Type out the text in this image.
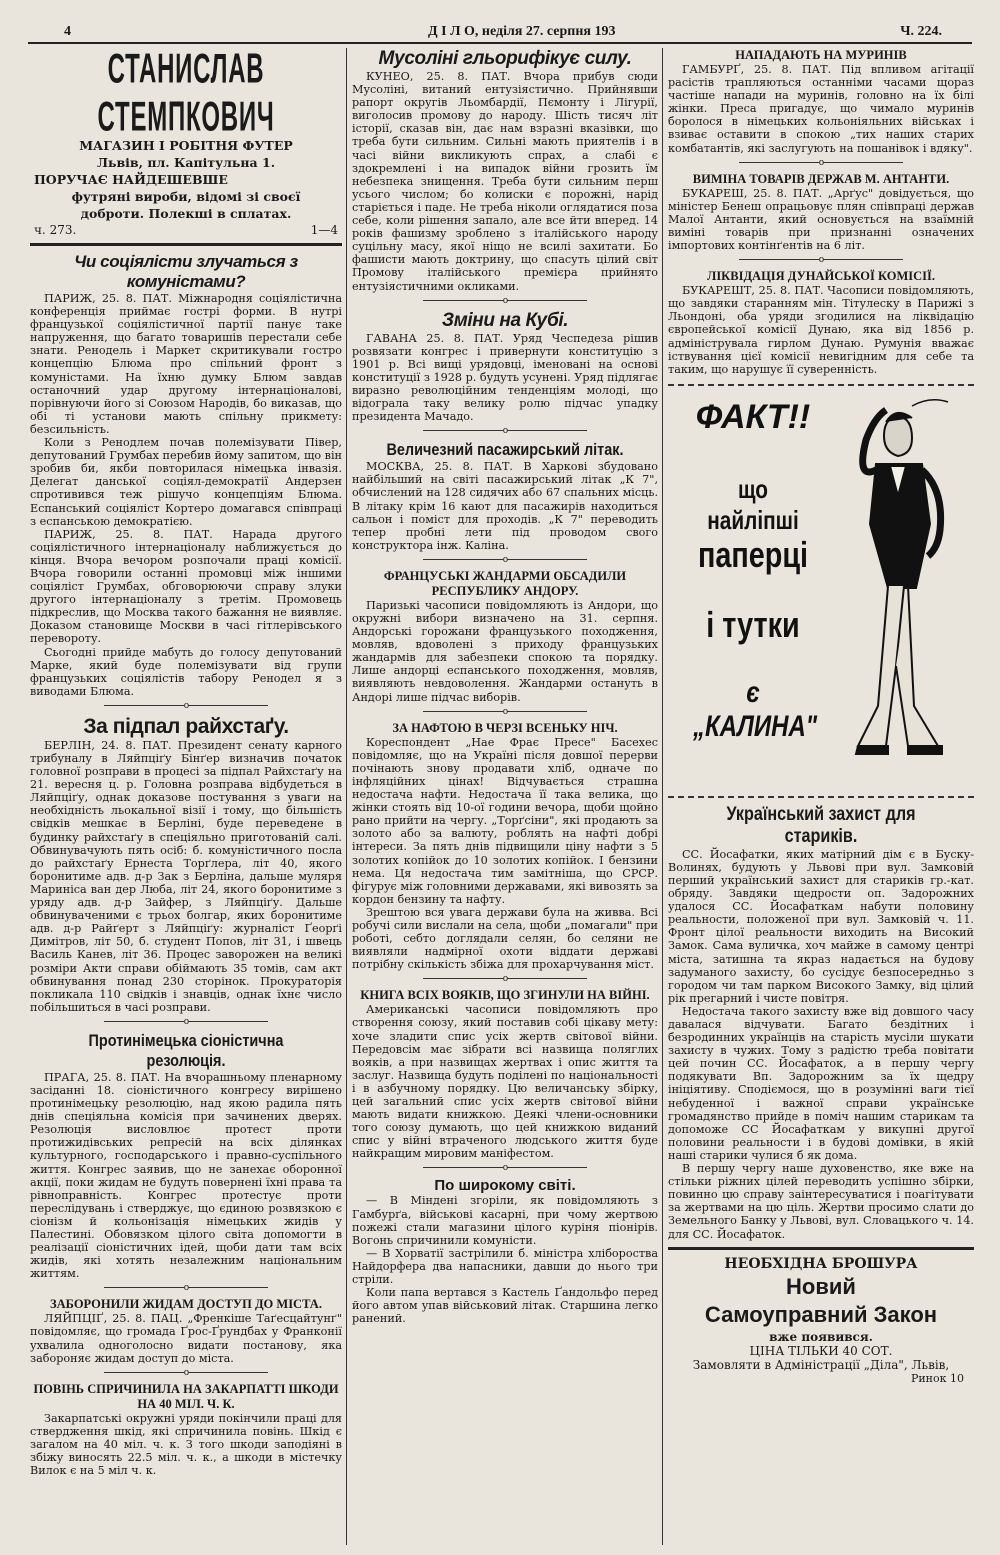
4	Д І Л О, неділя 27. серпня 193	Ч. 224.
СТАНИСЛАВ СТЕМПКОВИЧ
МАГАЗИН І РОБІТНЯ ФУТЕР
Львів, пл. Капітульна 1.
ПОРУЧАЄ НАЙДЕШЕВШЕ
футряні вироби, відомі зі своєї
доброти. Полекші в сплатах.
ч. 273.	1—4
Чи соціялісти злучаться з комуністами?

ПАРИЖ, 25. 8. ПАТ. Міжнародня соціялістична конференція приймає гострі форми. В нутрі французької соціялістичної партії панує таке напруження, що багато товаришів перестали себе знати. Ренодель і Маркет скритикували гостро концепцію Блюма про спільний фронт з комуністами. На їхню думку Блюм завдав останочний удар другому інтернаціоналові, порівнуючи його зі Союзом Народів, бо виказав, що обі ті установи мають спільну прикмету: безсильність.

Коли з Ренодлем почав полемізувати Півер, депутований Грумбах перебив йому запитом, що він зробив би, якби повторилася німецька інвазія. Делегат данської соціял-демократії Андерзен спротивився теж рішучо концепціям Блюма. Еспанський соціяліст Кортеро домагався співпраці з еспанською демократією.

ПАРИЖ, 25. 8. ПАТ. Нарада другого соціялістичного інтернаціоналу наближується до кінця. Вчора вечором розпочали праці комісії. Вчора говорили останні промовці між іншими соціяліст Грумбах, обговорюючи справу злуки другого інтернаціоналу з третім. Промовець підкреслив, що Москва такого бажання не виявляє. Доказом становище Москви в часі гітлерівського перевороту.

Сьогодні прийде мабуть до голосу депутований Марке, який буде полемізувати від групи французьких соціялістів табору Ренодел я з виводами Блюма.

o
За підпал райхстаґу.

БЕРЛІН, 24. 8. ПАТ. Президент сенату карного трибуналу в Ляйпціґу Бінґер визначив початок головної розправи в процесі за підпал Райхстаґу на 21. вересня ц. р. Головна розправа відбудеться в Ляйпціґу, однак доказове постування з уваги на необхідність льокальної візії і тому, що більшість свідків мешкає в Берліні, буде переведене в будинку райхстаґу в спеціяльно приготованій салі. Обвинувачують пять осіб: б. комуністичного посла до райхстаґу Ернеста Торґлера, літ 40, якого боронитиме адв. д-р Зак з Берліна, дальше муляря Мариніса ван дер Люба, літ 24, якого боронитиме з уряду адв. д-р Зайфер, з Ляйпціґу. Дальше обвинуваченими є трьох болгар, яких боронитиме адв. д-р Райґерт з Ляйпціґу: журналіст Ґеорґі Димітров, літ 50, б. студент Попов, літ 31, і швець Василь Канев, літ 36. Процес заворожен на великі розміри Акти справи обіймають 35 томів, сам акт обвинування понад 230 сторінок. Прокураторія покликала 110 свідків і знавців, однак їхнє число побільшиться в часі розправи.

o
Протинімецька сіоністична резолюція.

ПРАГА, 25. 8. ПАТ. На вчорашньому пленарному засіданні 18. сіоністичного конгресу вирішено протинімецьку резолюцію, над якою радила пять днів спеціяльна комісія при зачинених дверях. Резолюція висловлює протест проти протижидівських репресій на всіх ділянках культурного, господарського і правно-суспільного життя. Конгрес заявив, що не занехає оборонної акції, поки жидам не будуть повернені їхні права та рівноправність. Конгрес протестує проти переслідувань і стверджує, що єдиною розвязкою є сіонізм й кольонізація німецьких жидів у Палестині. Обовязком цілого світа допомогти в реалізації сіоністичних ідей, щоби дати там всіх жидів, які хотять незалежним національним життям.

o
ЗАБОРОНИЛИ ЖИДАМ ДОСТУП ДО МІСТА.

ЛЯЙПЦІҐ, 25. 8. ПАЦ. „Френкіше Таґесцайтунґ" повідомляє, що громада Ґрос-Ґрундбах у Франконії ухвалила одноголосно видати постанову, яка забороняє жидам доступ до міста.

o
ПОВІНЬ СПРИЧИНИЛА НА ЗАКАРПАТТІ ШКОДИ НА 40 МІЛ. Ч. К.

Закарпатські окружні уряди покінчили праці для ствердження шкід, які спричинила повінь. Шкід є загалом на 40 міл. ч. к. З того шкоди заподіяні в збіжу виносять 22.5 міл. ч. к., а шкоди в містечку Вилок є на 5 міл ч. к.

Мусоліні гльорифікує силу.

КУНЕО, 25. 8. ПАТ. Вчора прибув сюди Мусоліні, витаний ентузіястично. Прийнявши рапорт округів Льомбардії, Пємонту і Лігурії, виголосив промову до народу. Шість тисяч літ історії, сказав він, дає нам взразні вказівки, що треба бути сильним. Сильні мають приятелів і в часі війни викликують спрах, а слабі є здокремлені і на випадок війни грозить їм небезпека знищення. Треба бути сильним перш усього числом; бо колиски є порожні, нарід старіється і паде. Не треба ніколи оглядатися поза себе, коли рішення запало, але все йти вперед. 14 років фашизму зроблено з італійського народу суцільну масу, якої ніщо не всилі захитати. Бо фашисти мають доктрину, що спасуть цілий світ Промову італійського премієра прийнято ентузіястичними окликами.

o
Зміни на Кубі.

ГАВАНА 25. 8. ПАТ. Уряд Чеспедеза рішив розвязати конгрес і привернути конституцію з 1901 р. Всі вищі урядовці, іменовані на основі конституції з 1928 р. будуть усунені. Уряд підлягає виразно революційним тенденціям молоді, що відограла таку велику ролю підчас упадку президента Мачадо.

o
Величезний пасажирський літак.

МОСКВА, 25. 8. ПАТ. В Харкові збудовано найбільший на світі пасажирський літак „К 7", обчислений на 128 сидячих або 67 спальних місць. В літаку крім 16 кают для пасажирів находиться сальон і поміст для проходів. „К 7" переводить тепер пробні лети під проводом свого конструктора інж. Каліна.

o
ФРАНЦУСЬКІ ЖАНДАРМИ ОБСАДИЛИ РЕСПУБЛИКУ АНДОРУ.

Паризькі часописи повідомляють із Андори, що окружні вибори визначено на 31. серпня. Андорські горожани французького походження, мовляв, вдоволені з приходу французьких жандармів для забезпеки спокою та порядку. Лише андорці еспанського походження, мовляв, виявляють невдоволення. Жандарми остануть в Андорі лише підчас виборів.

o
ЗА НАФТОЮ В ЧЕРЗІ ВСЕНЬКУ НІЧ.

Кореспондент „Нае Фрає Пресе" Басехес повідомляє, що на Україні після довшої перерви почінають знову продавати хліб, одначе по інфляційних цінах! Відчувається страшна недостача нафти. Недостача її така велика, що жінки стоять від 10-ої години вечора, щоби щойно рано прийти на чергу. „Торґсіни", які продають за золото або за валюту, роблять на нафті добрі інтереси. За пять днів підвищили ціну нафти з 5 золотих копійок до 10 золотих копійок. І бензини нема. Ця недостача тим замітніша, що СРСР. фігурує між головними державами, які вивозять за кордон бензину та нафту.

Зрештою вся увага держави була на живва. Всі робучі сили вислали на села, щоби „помагали" при роботі, себто доглядали селян, бо селяни не виявляли надмірної охоти віддати державі потрібну скількість збіжа для прохарчування міст.

o
КНИГА ВСІХ ВОЯКІВ, ЩО ЗГИНУЛИ НА ВІЙНІ.

Американські часописи повідомляють про створення союзу, який поставив собі цікаву мету: хоче зладити спис усіх жертв світової війни. Передовсім має зібрати всі назвища поляглих вояків, а при назвищах жертвах і опис життя та заслуг. Назвища будуть поділені по національності і в азбучному порядку. Цю величанську збірку, цей загальний спис усіх жертв світової війни мають видати книжкою. Деякі члени-основники того союзу думають, що цей книжкою виданий спис у війні втраченого людського життя буде найкращим мировим маніфестом.

o
По широкому світі.

— В Міндені згоріли, як повідомляють з Гамбурґа, військові касарні, при чому жертвою пожежі стали магазини цілого куріня піонірів. Вогонь спричинили комуністи.

— В Хорватії застрілили б. міністра хлібороства Найдорфера два напасники, давши до нього три стріли.

Коли папа вертався з Кастель Ґандольфо перед його автом упав військовий літак. Старшина легко ранений.

НАПАДАЮТЬ НА МУРИНІВ

ГАМБУРҐ, 25. 8. ПАТ. Під впливом агітації расістів трапляються останніми часами щораз частіше напади на муринів, головно на їх білі жінки. Преса пригадує, що чимало муринів боролося в німецьких кольоніяльних військах і взиває оставити в спокою „тих наших старих комбатантів, які заслугують на пошанівок і вдяку".

o
ВИМІНА ТОВАРІВ ДЕРЖАВ М. АНТАНТИ.

БУКАРЕШ, 25. 8. ПАТ. „Арґус" довідується, що міністер Бенеш опрацьовує плян співпраці держав Малої Антанти, який основується на взаїмній виміні товарів при признанні означених імпортових контінґентів на 6 літ.

o
ЛІКВІДАЦІЯ ДУНАЙСЬКОЇ КОМІСІЇ.

БУКАРЕШТ, 25. 8. ПАТ. Часописи повідомляють, що завдяки старанням мін. Тітулеску в Парижі з Льондоні, оба уряди згодилися на ліквідацію європейської комісії Дунаю, яка від 1856 р. адмініструвала гирлом Дунаю. Румунія вважає іствування цієї комісії невигідним для себе та таким, що нарушує її суверенність.

ФАКТ!!
що найліпші
паперці
і тутки
є „КАЛИНА"
Український захист для стариків.

СС. Йосафатки, яких матірний дім є в Буску-Волинях, будують у Львові при вул. Замковій перший український захист для стариків гр.-кат. обряду. Завдяки щедрости оп. Задорожних удалося СС. Йосафаткам набути половину реальности, положеної при вул. Замковій ч. 11. Фронт цілої реальности виходить на Високий Замок. Сама вуличка, хоч майже в самому центрі міста, затишна та якраз надається на будову задуманого захисту, бо сусідує безпосередньо з городом чи там парком Високого Замку, від цілий рік прегарний і чисте повітря.

Недостача такого захисту вже від довшого часу давалася відчувати. Багато бездітних і безродинних українців на старість мусіли шукати захисту в чужих. Тому з радістю треба повітати цей почин СС. Йосафаток, а в першу чергу подякувати Вп. Задорожним за їх щедру ініціятиву. Сподіємося, що в розумінні ваги тієї небуденної і важної справи українське громадянство прийде в поміч нашим старикам та допоможе СС Йосафаткам у викупні другої половини реальности і в будові домівки, в якій наші старики чулися б як дома.

В першу чергу наше духовенство, яке вже на стільки ріжних цілей переводить успішно збірки, повинно цю справу заінтересуватися і поагітувати за жертвами на цю ціль. Жертви просимо слати до Земельного Банку у Львові, вул. Словацького ч. 14. для СС. Йосафаток.

НЕОБХІДНА БРОШУРА
Новий
Самоуправний Закон
вже появився.
ЦІНА ТІЛЬКИ 40 СОТ.
Замовляти в Адміністрації „Діла", Львів,
Ринок 10
